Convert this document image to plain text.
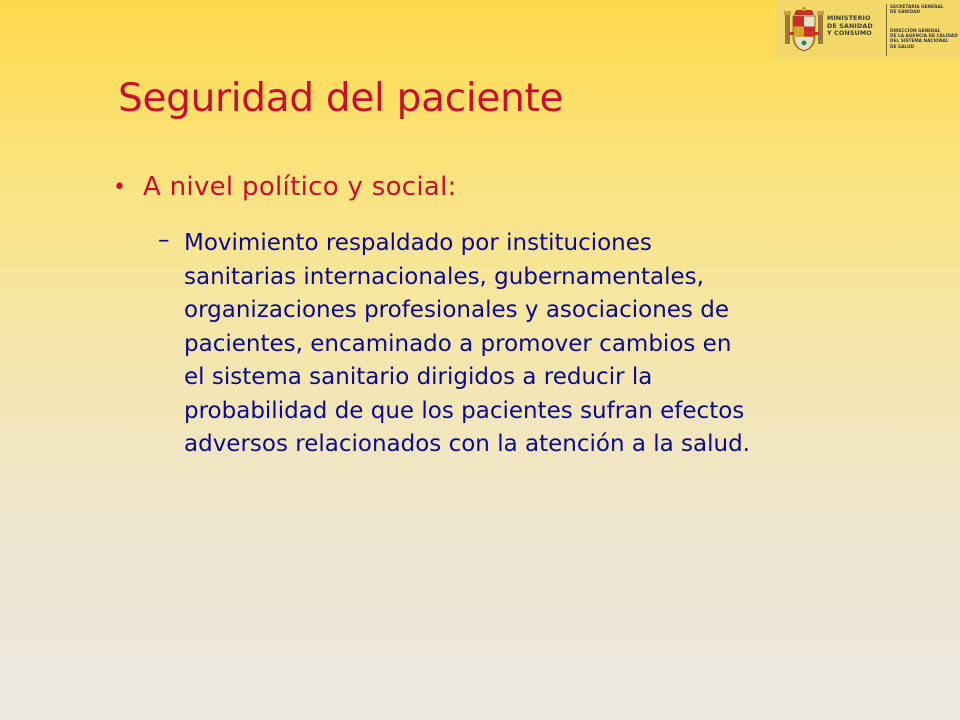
MINISTERIO
DE SANIDAD
Y CONSUMO
SECRETARÍA GENERAL
DE SANIDAD
DIRECCIÓN GENERAL
DE LA AGENCIA DE CALIDAD
DEL SISTEMA NACIONAL
DE SALUD
Seguridad del paciente
• A nivel político y social:
– Movimiento respaldado por instituciones
sanitarias internacionales, gubernamentales,
organizaciones profesionales y asociaciones de
pacientes, encaminado a promover cambios en
el sistema sanitario dirigidos a reducir la
probabilidad de que los pacientes sufran efectos
adversos relacionados con la atención a la salud.
